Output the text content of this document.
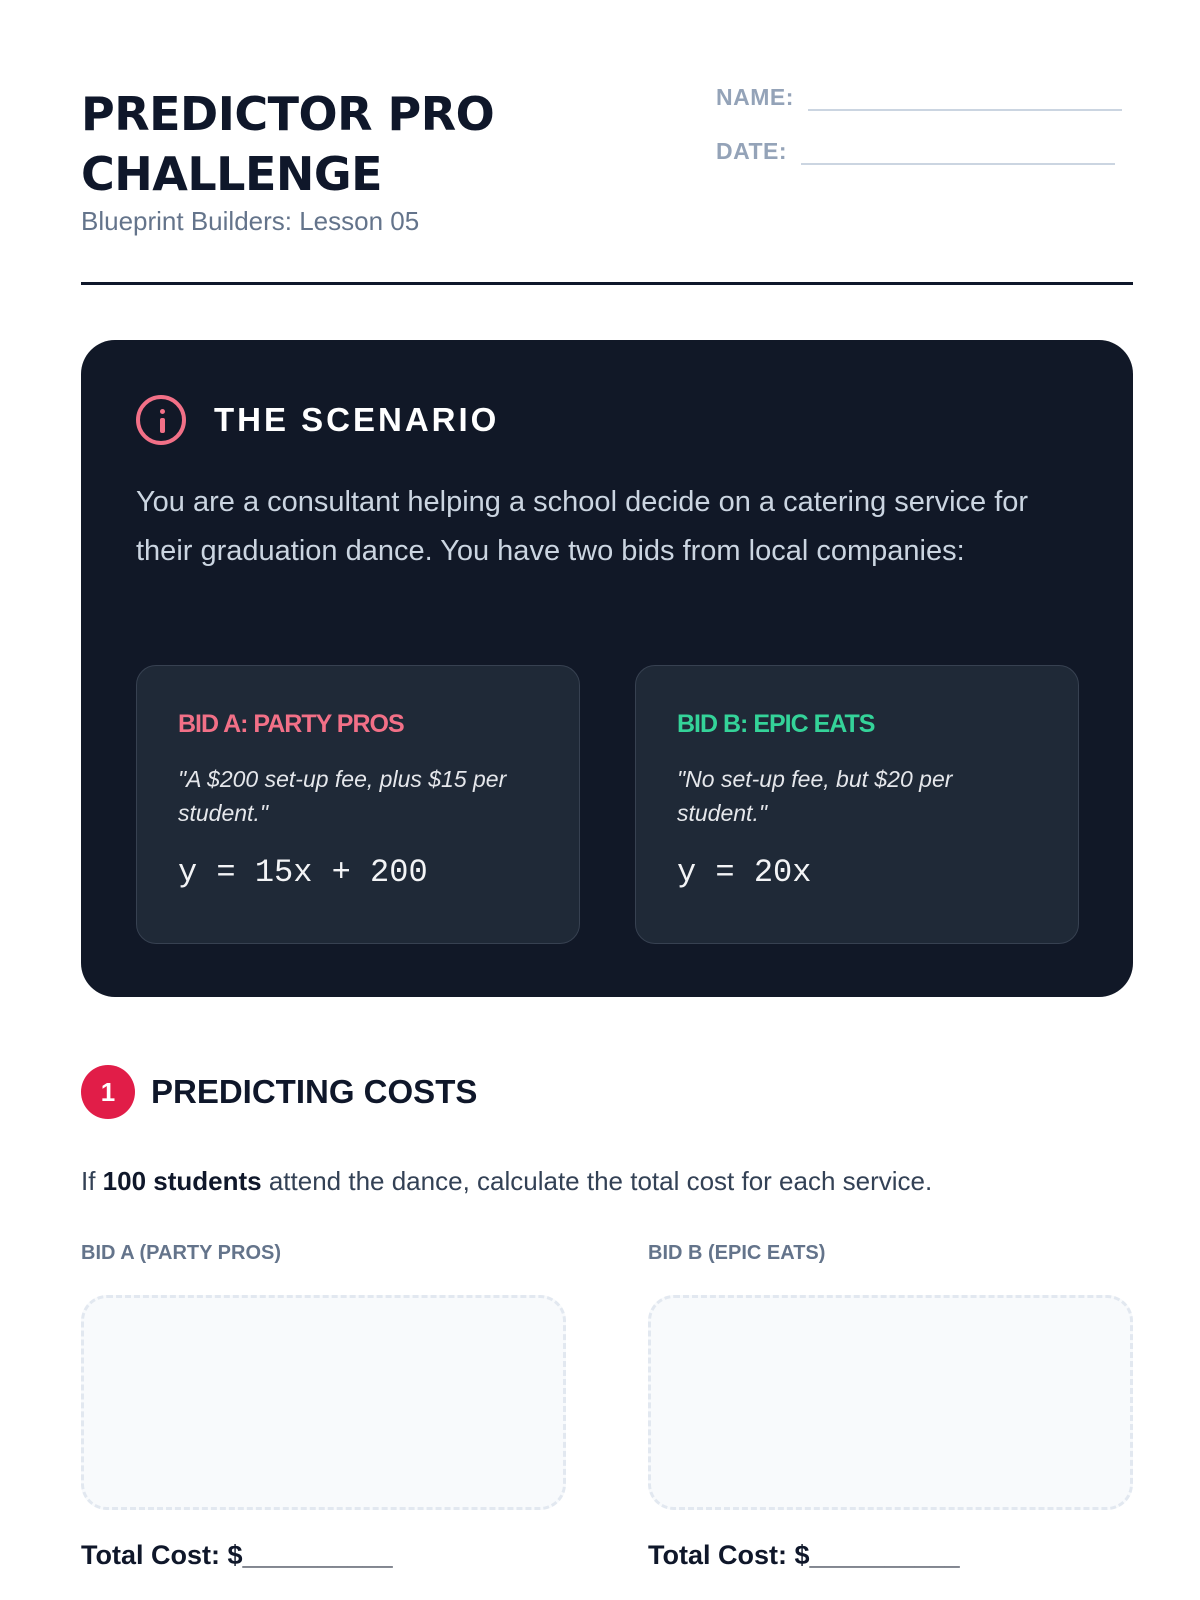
PREDICTOR PRO
CHALLENGE
Blueprint Builders: Lesson 05
NAME:
DATE:
THE SCENARIO

You are a consultant helping a school decide on a catering service for their graduation dance. You have two bids from local companies:

BID A: PARTY PROS
"A $200 set-up fee, plus $15 per student."
y = 15x + 200
BID B: EPIC EATS
"No set-up fee, but $20 per student."
y = 20x
1	PREDICTING COSTS

If 100 students attend the dance, calculate the total cost for each service.

BID A (PARTY PROS)	BID B (EPIC EATS)
Total Cost: $__________	Total Cost: $__________
